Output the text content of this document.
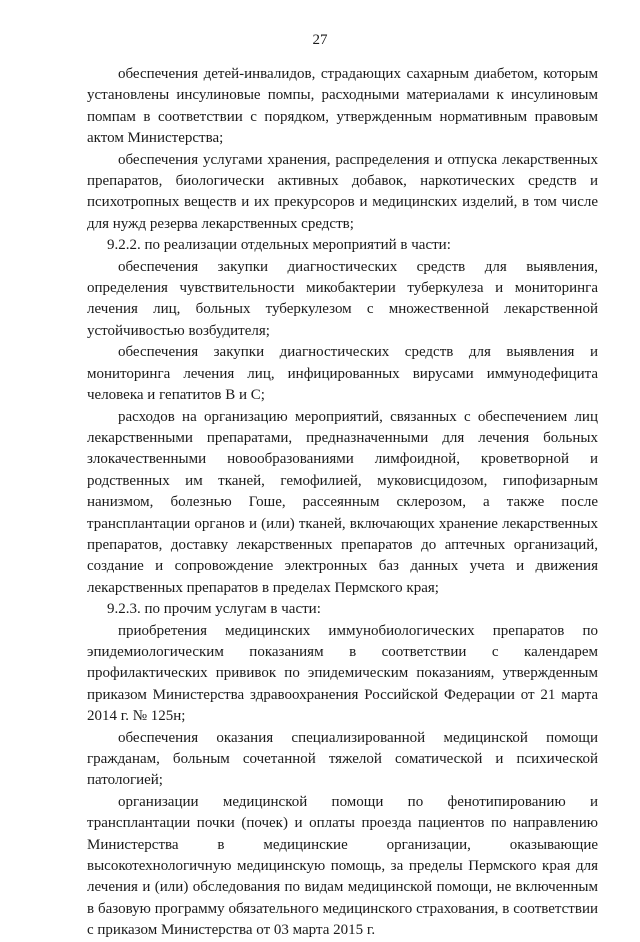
27

обеспечения детей-инвалидов, страдающих сахарным диабетом, которым установлены инсулиновые помпы, расходными материалами к инсулиновым помпам в соответствии с порядком, утвержденным нормативным правовым актом Министерства;

обеспечения услугами хранения, распределения и отпуска лекарственных препаратов, биологически активных добавок, наркотических средств и психотропных веществ и их прекурсоров и медицинских изделий, в том числе для нужд резерва лекарственных средств;

9.2.2. по реализации отдельных мероприятий в части:

обеспечения закупки диагностических средств для выявления, определения чувствительности микобактерии туберкулеза и мониторинга лечения лиц, больных туберкулезом с множественной лекарственной устойчивостью возбудителя;

обеспечения закупки диагностических средств для выявления и мониторинга лечения лиц, инфицированных вирусами иммунодефицита человека и гепатитов В и С;

расходов на организацию мероприятий, связанных с обеспечением лиц лекарственными препаратами, предназначенными для лечения больных злокачественными новообразованиями лимфоидной, кроветворной и родственных им тканей, гемофилией, муковисцидозом, гипофизарным нанизмом, болезнью Гоше, рассеянным склерозом, а также после трансплантации органов и (или) тканей, включающих хранение лекарственных препаратов, доставку лекарственных препаратов до аптечных организаций, создание и сопровождение электронных баз данных учета и движения лекарственных препаратов в пределах Пермского края;

9.2.3. по прочим услугам в части:

приобретения медицинских иммунобиологических препаратов по эпидемиологическим показаниям в соответствии с календарем профилактических прививок по эпидемическим показаниям, утвержденным приказом Министерства здравоохранения Российской Федерации от 21 марта 2014 г. № 125н;

обеспечения оказания специализированной медицинской помощи гражданам, больным сочетанной тяжелой соматической и психической патологией;

организации медицинской помощи по фенотипированию и трансплантации почки (почек) и оплаты проезда пациентов по направлению Министерства в медицинские организации, оказывающие высокотехнологичную медицинскую помощь, за пределы Пермского края для лечения и (или) обследования по видам медицинской помощи, не включенным в базовую программу обязательного медицинского страхования, в соответствии с приказом Министерства от 03 марта 2015 г.
